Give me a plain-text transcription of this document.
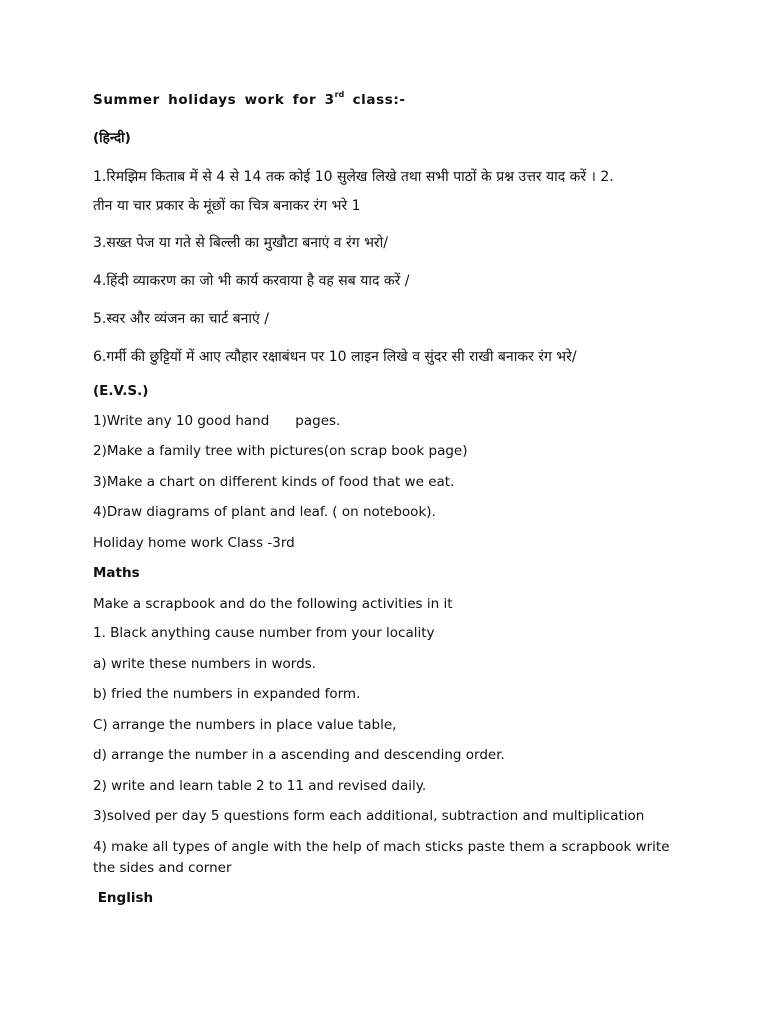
Summer holidays work for 3rd class:-
(हिन्दी)
1.रिमझिम किताब में से 4 से 14 तक कोई 10 सुलेख लिखे तथा सभी पाठों के प्रश्न उत्तर याद करें । 2.
तीन या चार प्रकार के मूंछों का चित्र बनाकर रंग भरे 1
3.सख्त पेज या गते से बिल्ली का मुखौटा बनाएं व रंग भरो/
4.हिंदी व्याकरण का जो भी कार्य करवाया है वह सब याद करें /
5.स्वर और व्यंजन का चार्ट बनाएं /
6.गर्मी की छुट्टियों में आए त्यौहार रक्षाबंधन पर 10 लाइन लिखे व सुंदर सी राखी बनाकर रंग भरे/
(E.V.S.)
1)Write any 10 good hand pages.
2)Make a family tree with pictures(on scrap book page)
3)Make a chart on different kinds of food that we eat.
4)Draw diagrams of plant and leaf. ( on notebook).
Holiday home work Class -3rd
Maths
Make a scrapbook and do the following activities in it
1. Black anything cause number from your locality
a) write these numbers in words.
b) fried the numbers in expanded form.
C) arrange the numbers in place value table,
d) arrange the number in a ascending and descending order.
2) write and learn table 2 to 11 and revised daily.
3)solved per day 5 questions form each additional, subtraction and multiplication
4) make all types of angle with the help of mach sticks paste them a scrapbook write the sides and corner
English
